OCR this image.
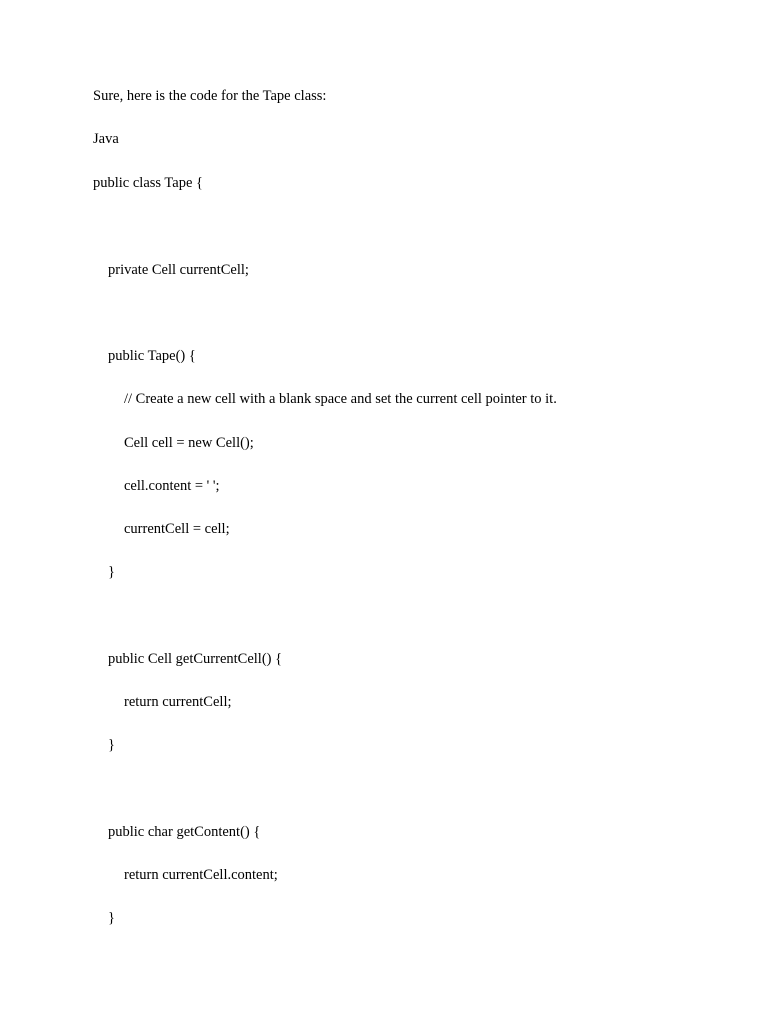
Sure, here is the code for the Tape class:
Java
public class Tape {
private Cell currentCell;
public Tape() {
// Create a new cell with a blank space and set the current cell pointer to it.
Cell cell = new Cell();
cell.content = ' ';
currentCell = cell;
}
public Cell getCurrentCell() {
return currentCell;
}
public char getContent() {
return currentCell.content;
}
